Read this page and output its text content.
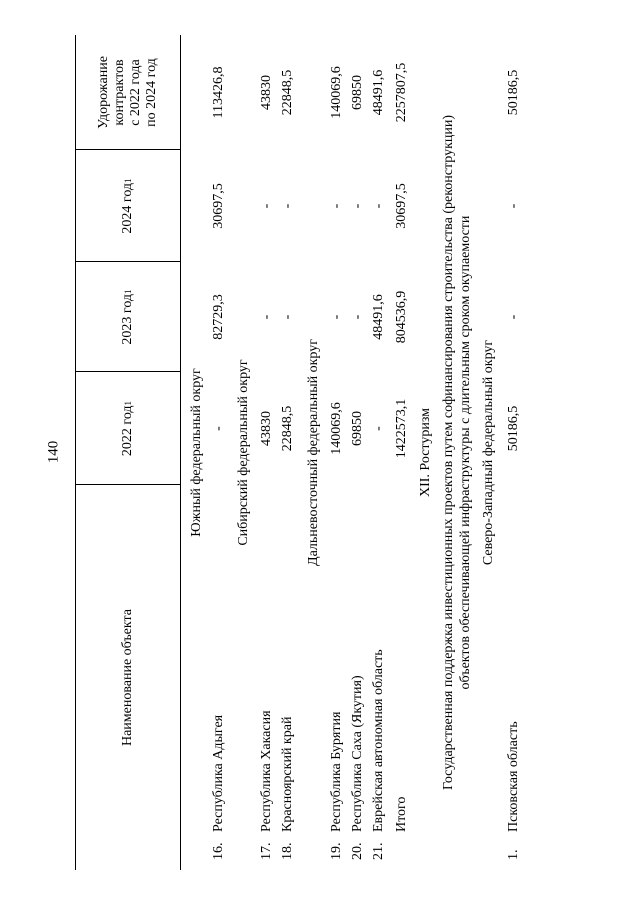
140
Наименование объекта
2022 год
1
2023 год
1
2024 год
1
Удорожание контрактов с 2022 года по 2024 год
Южный федеральный округ
16.
Республика Адыгея
-
82729,3
30697,5
113426,8
Сибирский федеральный округ
17.
Республика Хакасия
43830
-
-
43830
18.
Красноярский край
22848,5
-
-
22848,5
Дальневосточный федеральный округ
19.
Республика Бурятия
140069,6
-
-
140069,6
20.
Республика Саха (Якутия)
69850
-
-
69850
21.
Еврейская автономная область
-
48491,6
-
48491,6
Итого
1422573,1
804536,9
30697,5
2257807,5
XII. Ростуризм Государственная поддержка инвестиционных проектов путем софинансирования строительства (реконструкции) объектов обеспечивающей инфраструктуры с длительным сроком окупаемости Северо-Западный федеральный округ
1.
Псковская область
50186,5
-
-
50186,5
